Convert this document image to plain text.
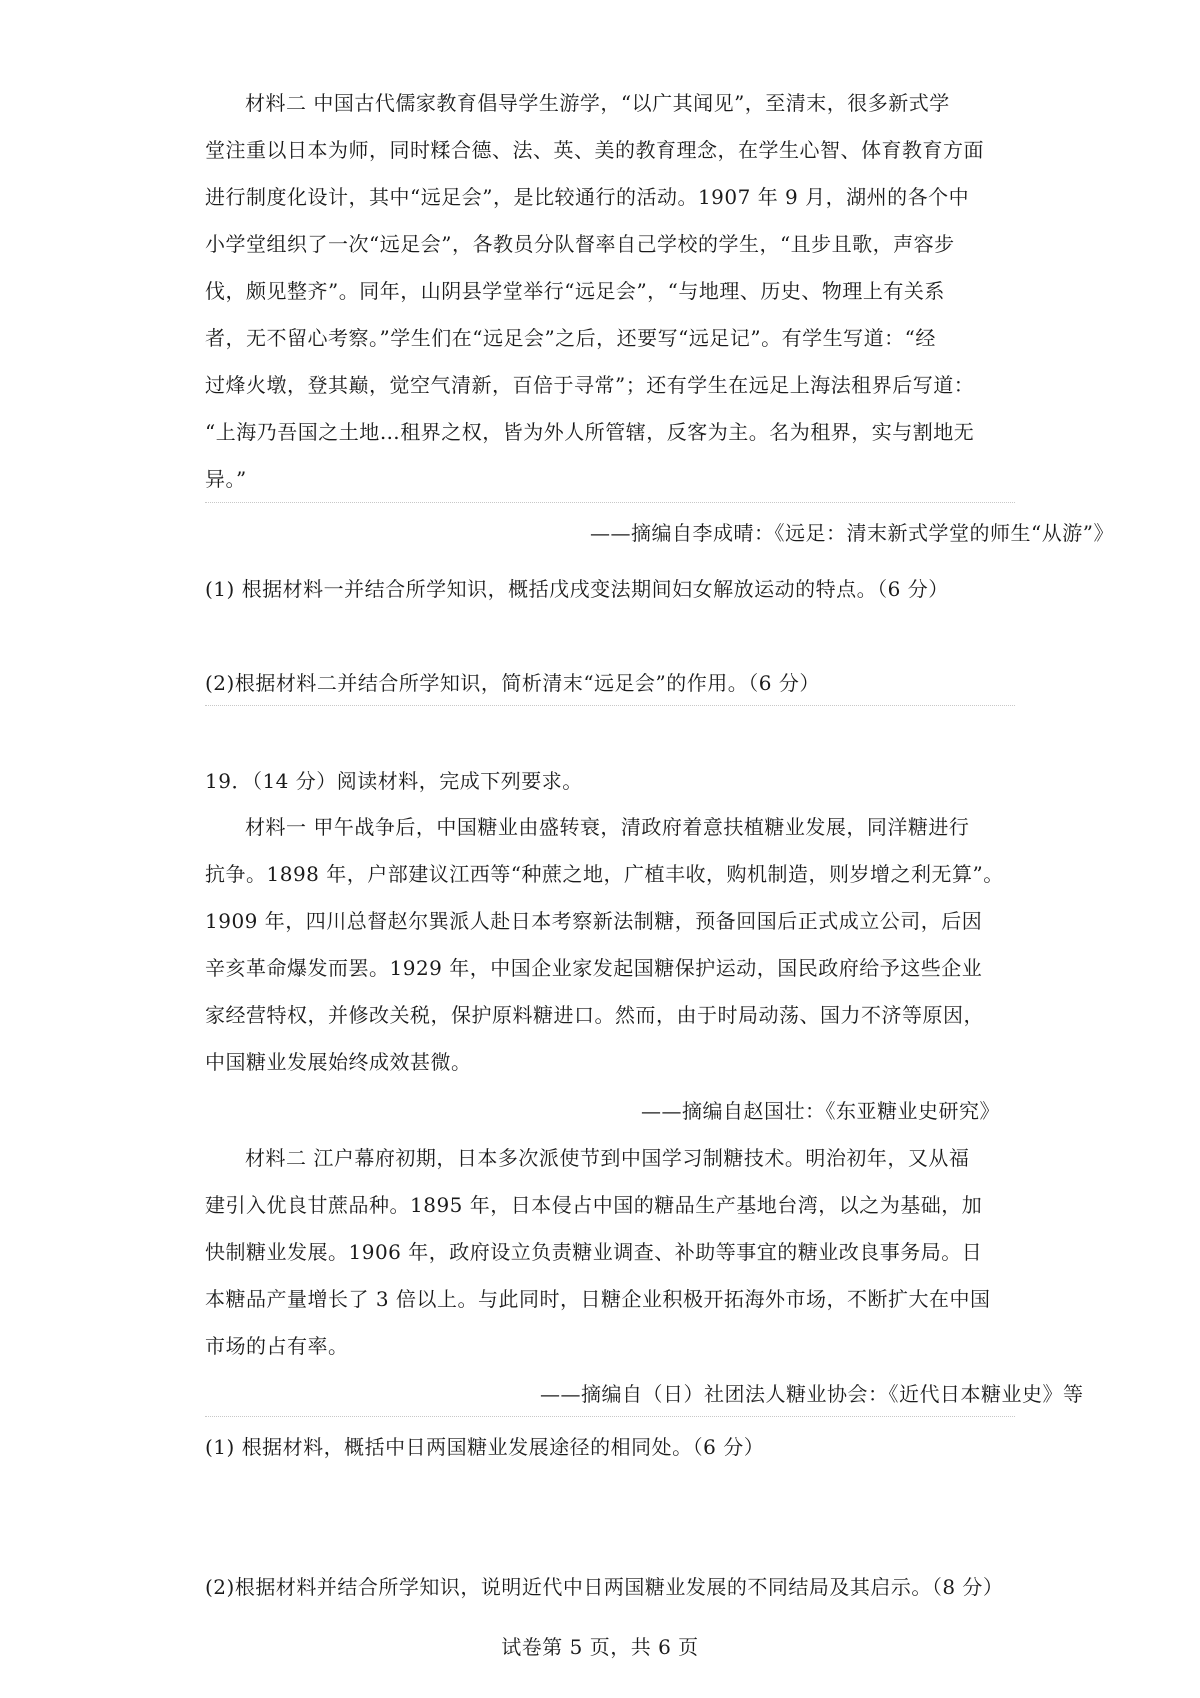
材料二 中国古代儒家教育倡导学生游学，“以广其闻见”，至清末，很多新式学
堂注重以日本为师，同时糅合德、法、英、美的教育理念，在学生心智、体育教育方面
进行制度化设计，其中“远足会”，是比较通行的活动。1907 年 9 月，湖州的各个中
小学堂组织了一次“远足会”，各教员分队督率自己学校的学生，“且步且歌，声容步
伐，颇见整齐”。同年，山阴县学堂举行“远足会”，“与地理、历史、物理上有关系
者，无不留心考察。”学生们在“远足会”之后，还要写“远足记”。有学生写道：“经
过烽火墩，登其巅，觉空气清新，百倍于寻常”；还有学生在远足上海法租界后写道：
“上海乃吾国之土地…租界之权，皆为外人所管辖，反客为主。名为租界，实与割地无
异。”
——摘编自李成晴：《远足：清末新式学堂的师生“从游”》
(1) 根据材料一并结合所学知识，概括戊戌变法期间妇女解放运动的特点。（6 分）
(2)根据材料二并结合所学知识，简析清末“远足会”的作用。（6 分）
19．（14 分）阅读材料，完成下列要求。
材料一 甲午战争后，中国糖业由盛转衰，清政府着意扶植糖业发展，同洋糖进行
抗争。1898 年，户部建议江西等“种蔗之地，广植丰收，购机制造，则岁增之利无算”。
1909 年，四川总督赵尔巽派人赴日本考察新法制糖，预备回国后正式成立公司，后因
辛亥革命爆发而罢。1929 年，中国企业家发起国糖保护运动，国民政府给予这些企业
家经营特权，并修改关税，保护原料糖进口。然而，由于时局动荡、国力不济等原因，
中国糖业发展始终成效甚微。
——摘编自赵国壮：《东亚糖业史研究》
材料二 江户幕府初期，日本多次派使节到中国学习制糖技术。明治初年，又从福
建引入优良甘蔗品种。1895 年，日本侵占中国的糖品生产基地台湾，以之为基础，加
快制糖业发展。1906 年，政府设立负责糖业调查、补助等事宜的糖业改良事务局。日
本糖品产量增长了 3 倍以上。与此同时，日糖企业积极开拓海外市场，不断扩大在中国
市场的占有率。
——摘编自（日）社团法人糖业协会：《近代日本糖业史》等
(1) 根据材料，概括中日两国糖业发展途径的相同处。（6 分）
(2)根据材料并结合所学知识，说明近代中日两国糖业发展的不同结局及其启示。（8 分）
试卷第 5 页，共 6 页
